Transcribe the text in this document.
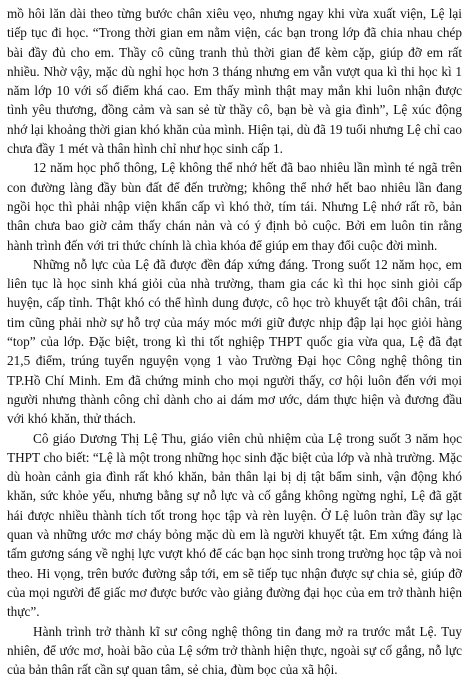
mồ hôi lăn dài theo từng bước chân xiêu vẹo, nhưng ngay khi vừa xuất viện, Lệ lại tiếp tục đi học. “Trong thời gian em nằm viện, các bạn trong lớp đã chia nhau chép bài đầy đủ cho em. Thầy cô cũng tranh thủ thời gian để kèm cặp, giúp đỡ em rất nhiều. Nhờ vậy, mặc dù nghỉ học hơn 3 tháng nhưng em vẫn vượt qua kì thi học kì 1 năm lớp 10 với số điểm khá cao. Em thấy mình thật may mắn khi luôn nhận được tình yêu thương, đồng cảm và san sẻ từ thầy cô, bạn bè và gia đình”, Lệ xúc động nhớ lại khoảng thời gian khó khăn của mình. Hiện tại, dù đã 19 tuổi nhưng Lệ chỉ cao chưa đầy 1 mét và thân hình chỉ như học sinh cấp 1.

12 năm học phổ thông, Lệ không thể nhớ hết đã bao nhiêu lần mình té ngã trên con đường làng đầy bùn đất để đến trường; không thể nhớ hết bao nhiêu lần đang ngồi học thì phải nhập viện khẩn cấp vì khó thở, tím tái. Nhưng Lệ nhớ rất rõ, bản thân chưa bao giờ cảm thấy chán nản và có ý định bỏ cuộc. Bởi em luôn tin rằng hành trình đến với tri thức chính là chìa khóa để giúp em thay đổi cuộc đời mình.

Những nỗ lực của Lệ đã được đền đáp xứng đáng. Trong suốt 12 năm học, em liên tục là học sinh khá giỏi của nhà trường, tham gia các kì thi học sinh giỏi cấp huyện, cấp tỉnh. Thật khó có thể hình dung được, cô học trò khuyết tật đôi chân, trái tim cũng phải nhờ sự hỗ trợ của máy móc mới giữ được nhịp đập lại học giỏi hàng “top” của lớp. Đặc biệt, trong kì thi tốt nghiệp THPT quốc gia vừa qua, Lệ đã đạt 21,5 điểm, trúng tuyển nguyện vọng 1 vào Trường Đại học Công nghệ thông tin TP.Hồ Chí Minh. Em đã chứng minh cho mọi người thấy, cơ hội luôn đến với mọi người nhưng thành công chỉ dành cho ai dám mơ ước, dám thực hiện và đương đầu với khó khăn, thử thách.

Cô giáo Dương Thị Lệ Thu, giáo viên chủ nhiệm của Lệ trong suốt 3 năm học THPT cho biết: “Lệ là một trong những học sinh đặc biệt của lớp và nhà trường. Mặc dù hoàn cảnh gia đình rất khó khăn, bản thân lại bị dị tật bẩm sinh, vận động khó khăn, sức khỏe yếu, nhưng bằng sự nỗ lực và cố gắng không ngừng nghỉ, Lệ đã gặt hái được nhiều thành tích tốt trong học tập và rèn luyện. Ở Lệ luôn tràn đầy sự lạc quan và những ước mơ cháy bỏng mặc dù em là người khuyết tật. Em xứng đáng là tấm gương sáng về nghị lực vượt khó để các bạn học sinh trong trường học tập và noi theo. Hi vọng, trên bước đường sắp tới, em sẽ tiếp tục nhận được sự chia sẻ, giúp đỡ của mọi người để giấc mơ được bước vào giảng đường đại học của em trở thành hiện thực”.

Hành trình trở thành kĩ sư công nghệ thông tin đang mở ra trước mắt Lệ. Tuy nhiên, để ước mơ, hoài bão của Lệ sớm trở thành hiện thực, ngoài sự cố gắng, nỗ lực của bản thân rất cần sự quan tâm, sẻ chia, đùm bọc của xã hội.
